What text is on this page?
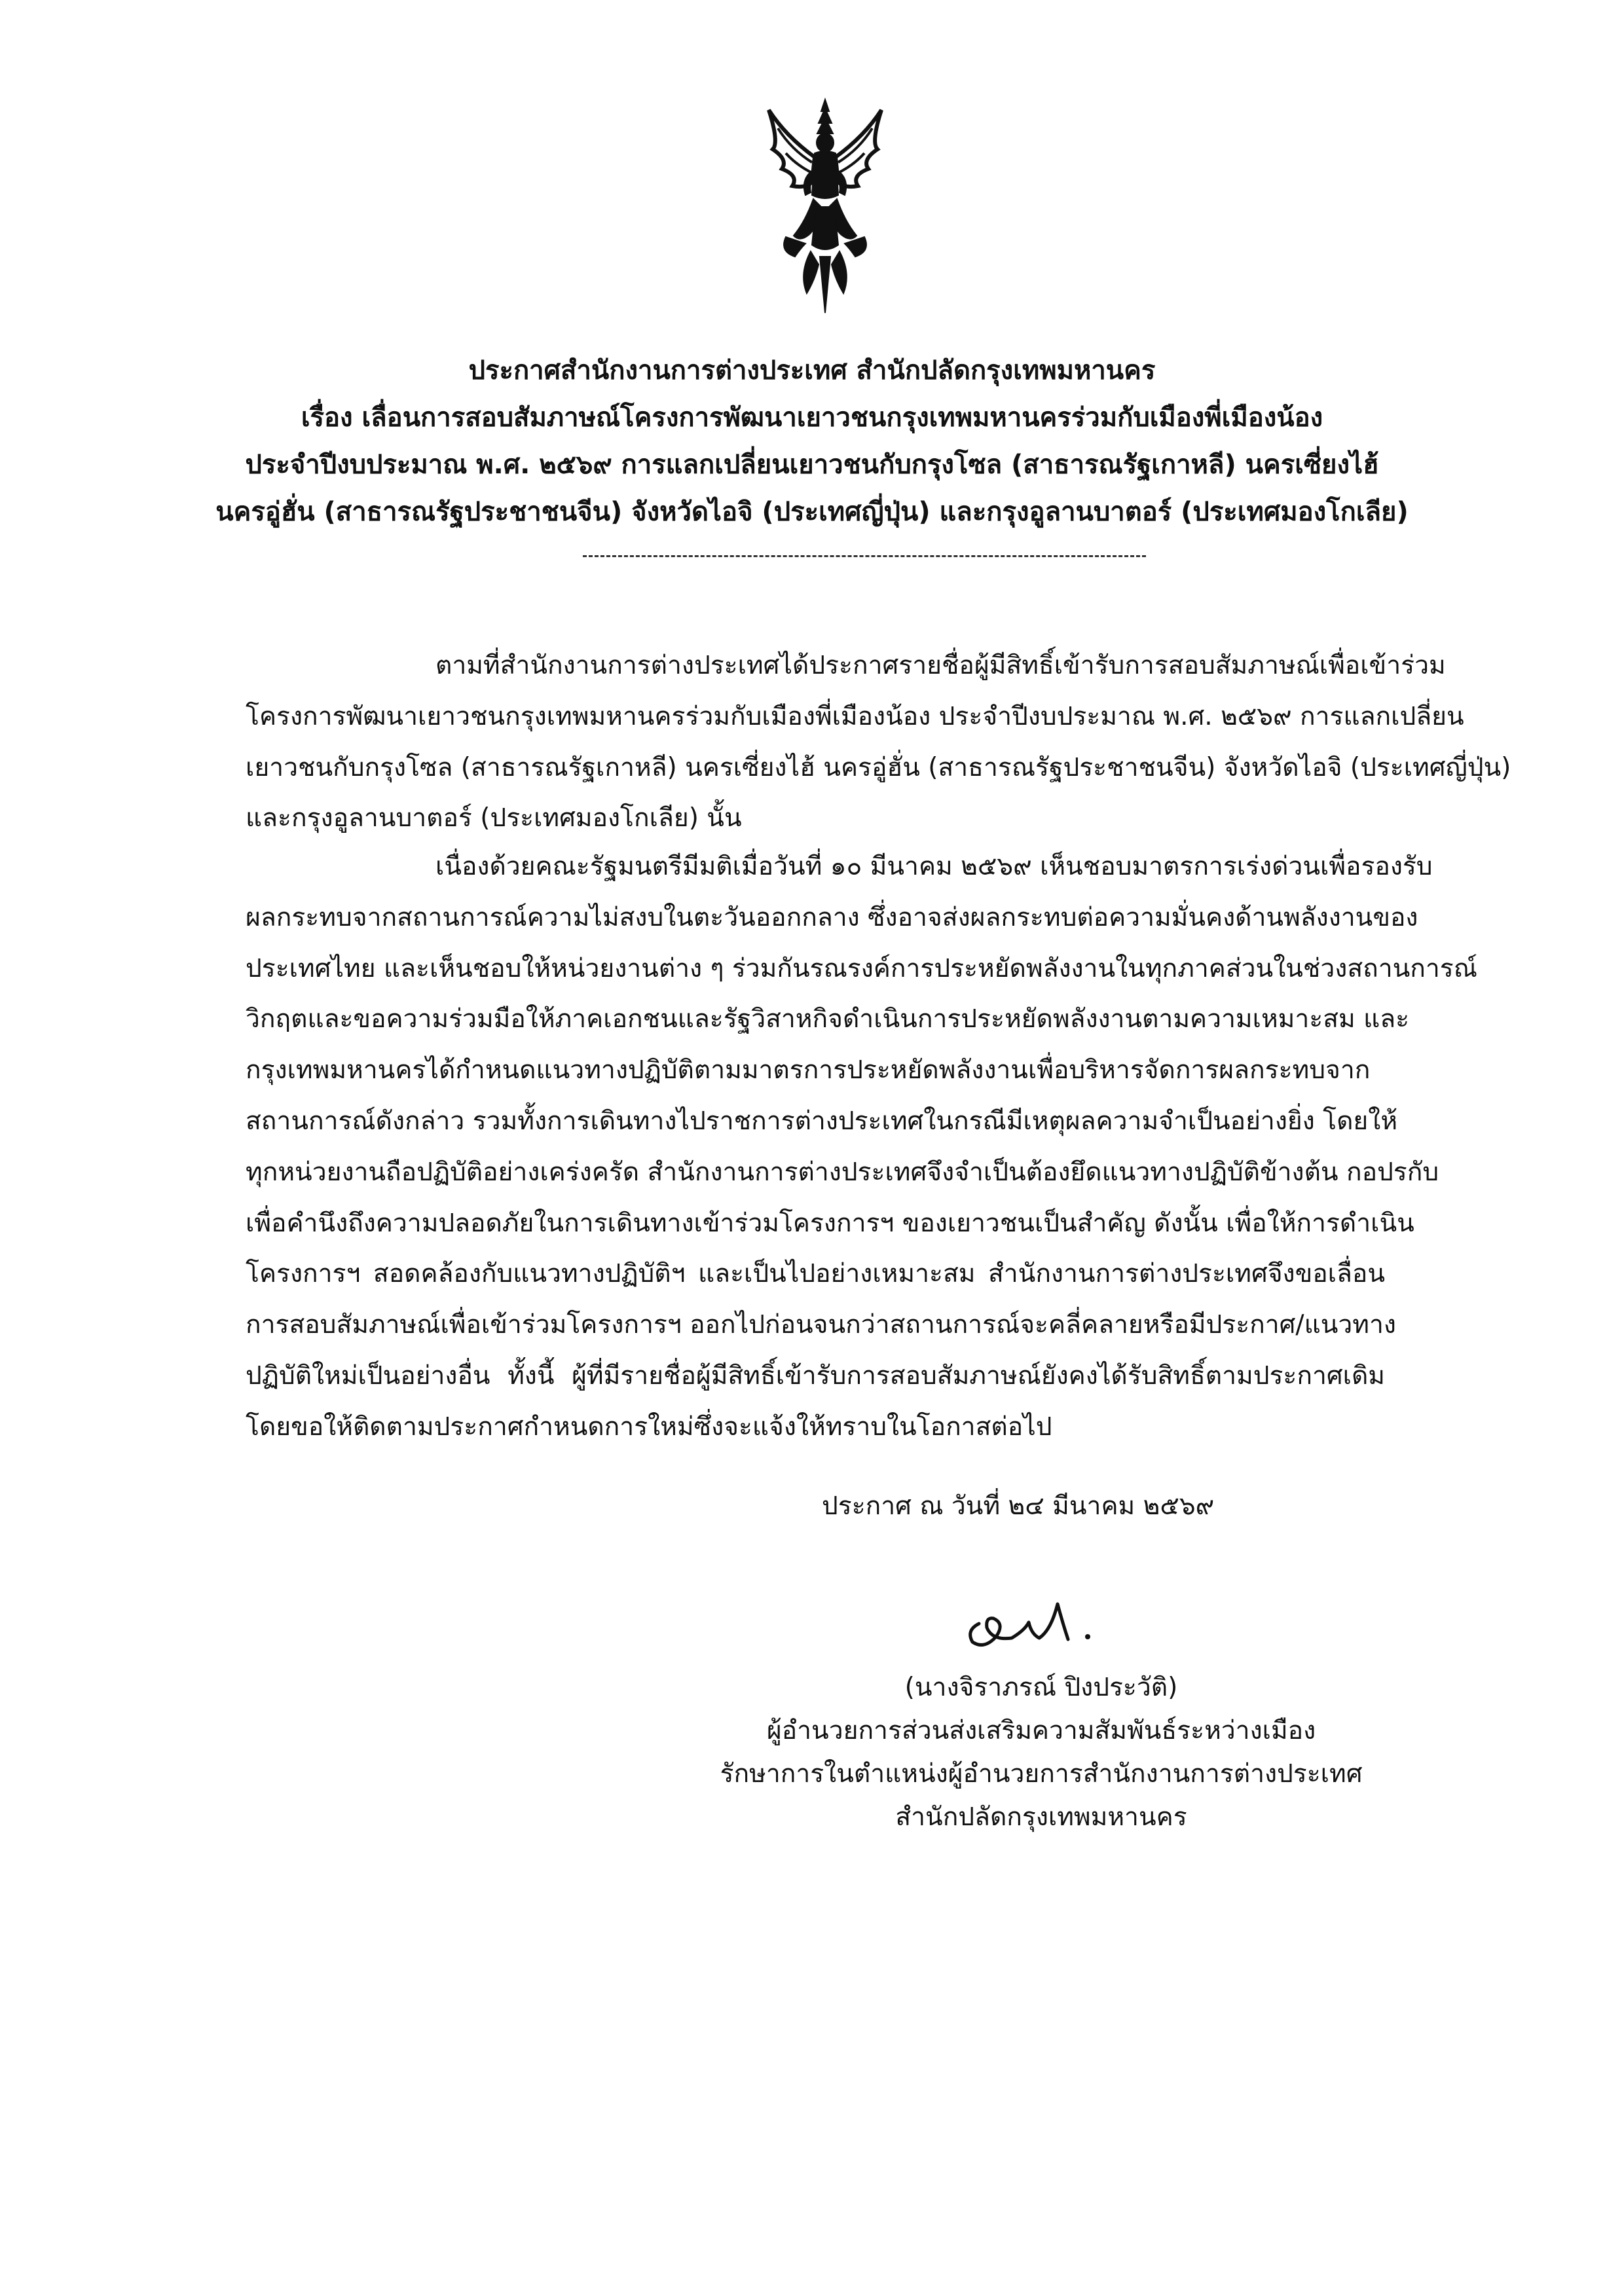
ประกาศสำนักงานการต่างประเทศ สำนักปลัดกรุงเทพมหานคร
เรื่อง เลื่อนการสอบสัมภาษณ์โครงการพัฒนาเยาวชนกรุงเทพมหานครร่วมกับเมืองพี่เมืองน้อง
ประจำปีงบประมาณ พ.ศ. ๒๕๖๙ การแลกเปลี่ยนเยาวชนกับกรุงโซล (สาธารณรัฐเกาหลี) นครเซี่ยงไฮ้
นครอู่ฮั่น (สาธารณรัฐประชาชนจีน) จังหวัดไอจิ (ประเทศญี่ปุ่น) และกรุงอูลานบาตอร์ (ประเทศมองโกเลีย)
ตามที่สำนักงานการต่างประเทศได้ประกาศรายชื่อผู้มีสิทธิ์เข้ารับการสอบสัมภาษณ์เพื่อเข้าร่วม
โครงการพัฒนาเยาวชนกรุงเทพมหานครร่วมกับเมืองพี่เมืองน้อง ประจำปีงบประมาณ พ.ศ. ๒๕๖๙ การแลกเปลี่ยน
เยาวชนกับกรุงโซล (สาธารณรัฐเกาหลี) นครเซี่ยงไฮ้ นครอู่ฮั่น (สาธารณรัฐประชาชนจีน) จังหวัดไอจิ (ประเทศญี่ปุ่น)
และกรุงอูลานบาตอร์ (ประเทศมองโกเลีย) นั้น
เนื่องด้วยคณะรัฐมนตรีมีมติเมื่อวันที่ ๑๐ มีนาคม ๒๕๖๙ เห็นชอบมาตรการเร่งด่วนเพื่อรองรับ
ผลกระทบจากสถานการณ์ความไม่สงบในตะวันออกกลาง ซึ่งอาจส่งผลกระทบต่อความมั่นคงด้านพลังงานของ
ประเทศไทย และเห็นชอบให้หน่วยงานต่าง ๆ ร่วมกันรณรงค์การประหยัดพลังงานในทุกภาคส่วนในช่วงสถานการณ์
วิกฤตและขอความร่วมมือให้ภาคเอกชนและรัฐวิสาหกิจดำเนินการประหยัดพลังงานตามความเหมาะสม และ
กรุงเทพมหานครได้กำหนดแนวทางปฏิบัติตามมาตรการประหยัดพลังงานเพื่อบริหารจัดการผลกระทบจาก
สถานการณ์ดังกล่าว รวมทั้งการเดินทางไปราชการต่างประเทศในกรณีมีเหตุผลความจำเป็นอย่างยิ่ง โดยให้
ทุกหน่วยงานถือปฏิบัติอย่างเคร่งครัด สำนักงานการต่างประเทศจึงจำเป็นต้องยึดแนวทางปฏิบัติข้างต้น กอปรกับ
เพื่อคำนึงถึงความปลอดภัยในการเดินทางเข้าร่วมโครงการฯ ของเยาวชนเป็นสำคัญ ดังนั้น เพื่อให้การดำเนิน
โครงการฯ สอดคล้องกับแนวทางปฏิบัติฯ และเป็นไปอย่างเหมาะสม สำนักงานการต่างประเทศจึงขอเลื่อน
การสอบสัมภาษณ์เพื่อเข้าร่วมโครงการฯ ออกไปก่อนจนกว่าสถานการณ์จะคลี่คลายหรือมีประกาศ/แนวทาง
ปฏิบัติใหม่เป็นอย่างอื่น ทั้งนี้ ผู้ที่มีรายชื่อผู้มีสิทธิ์เข้ารับการสอบสัมภาษณ์ยังคงได้รับสิทธิ์ตามประกาศเดิม
โดยขอให้ติดตามประกาศกำหนดการใหม่ซึ่งจะแจ้งให้ทราบในโอกาสต่อไป
ประกาศ ณ วันที่ ๒๔ มีนาคม ๒๕๖๙
(นางจิราภรณ์ ปิงประวัติ)
ผู้อำนวยการส่วนส่งเสริมความสัมพันธ์ระหว่างเมือง
รักษาการในตำแหน่งผู้อำนวยการสำนักงานการต่างประเทศ
สำนักปลัดกรุงเทพมหานคร
